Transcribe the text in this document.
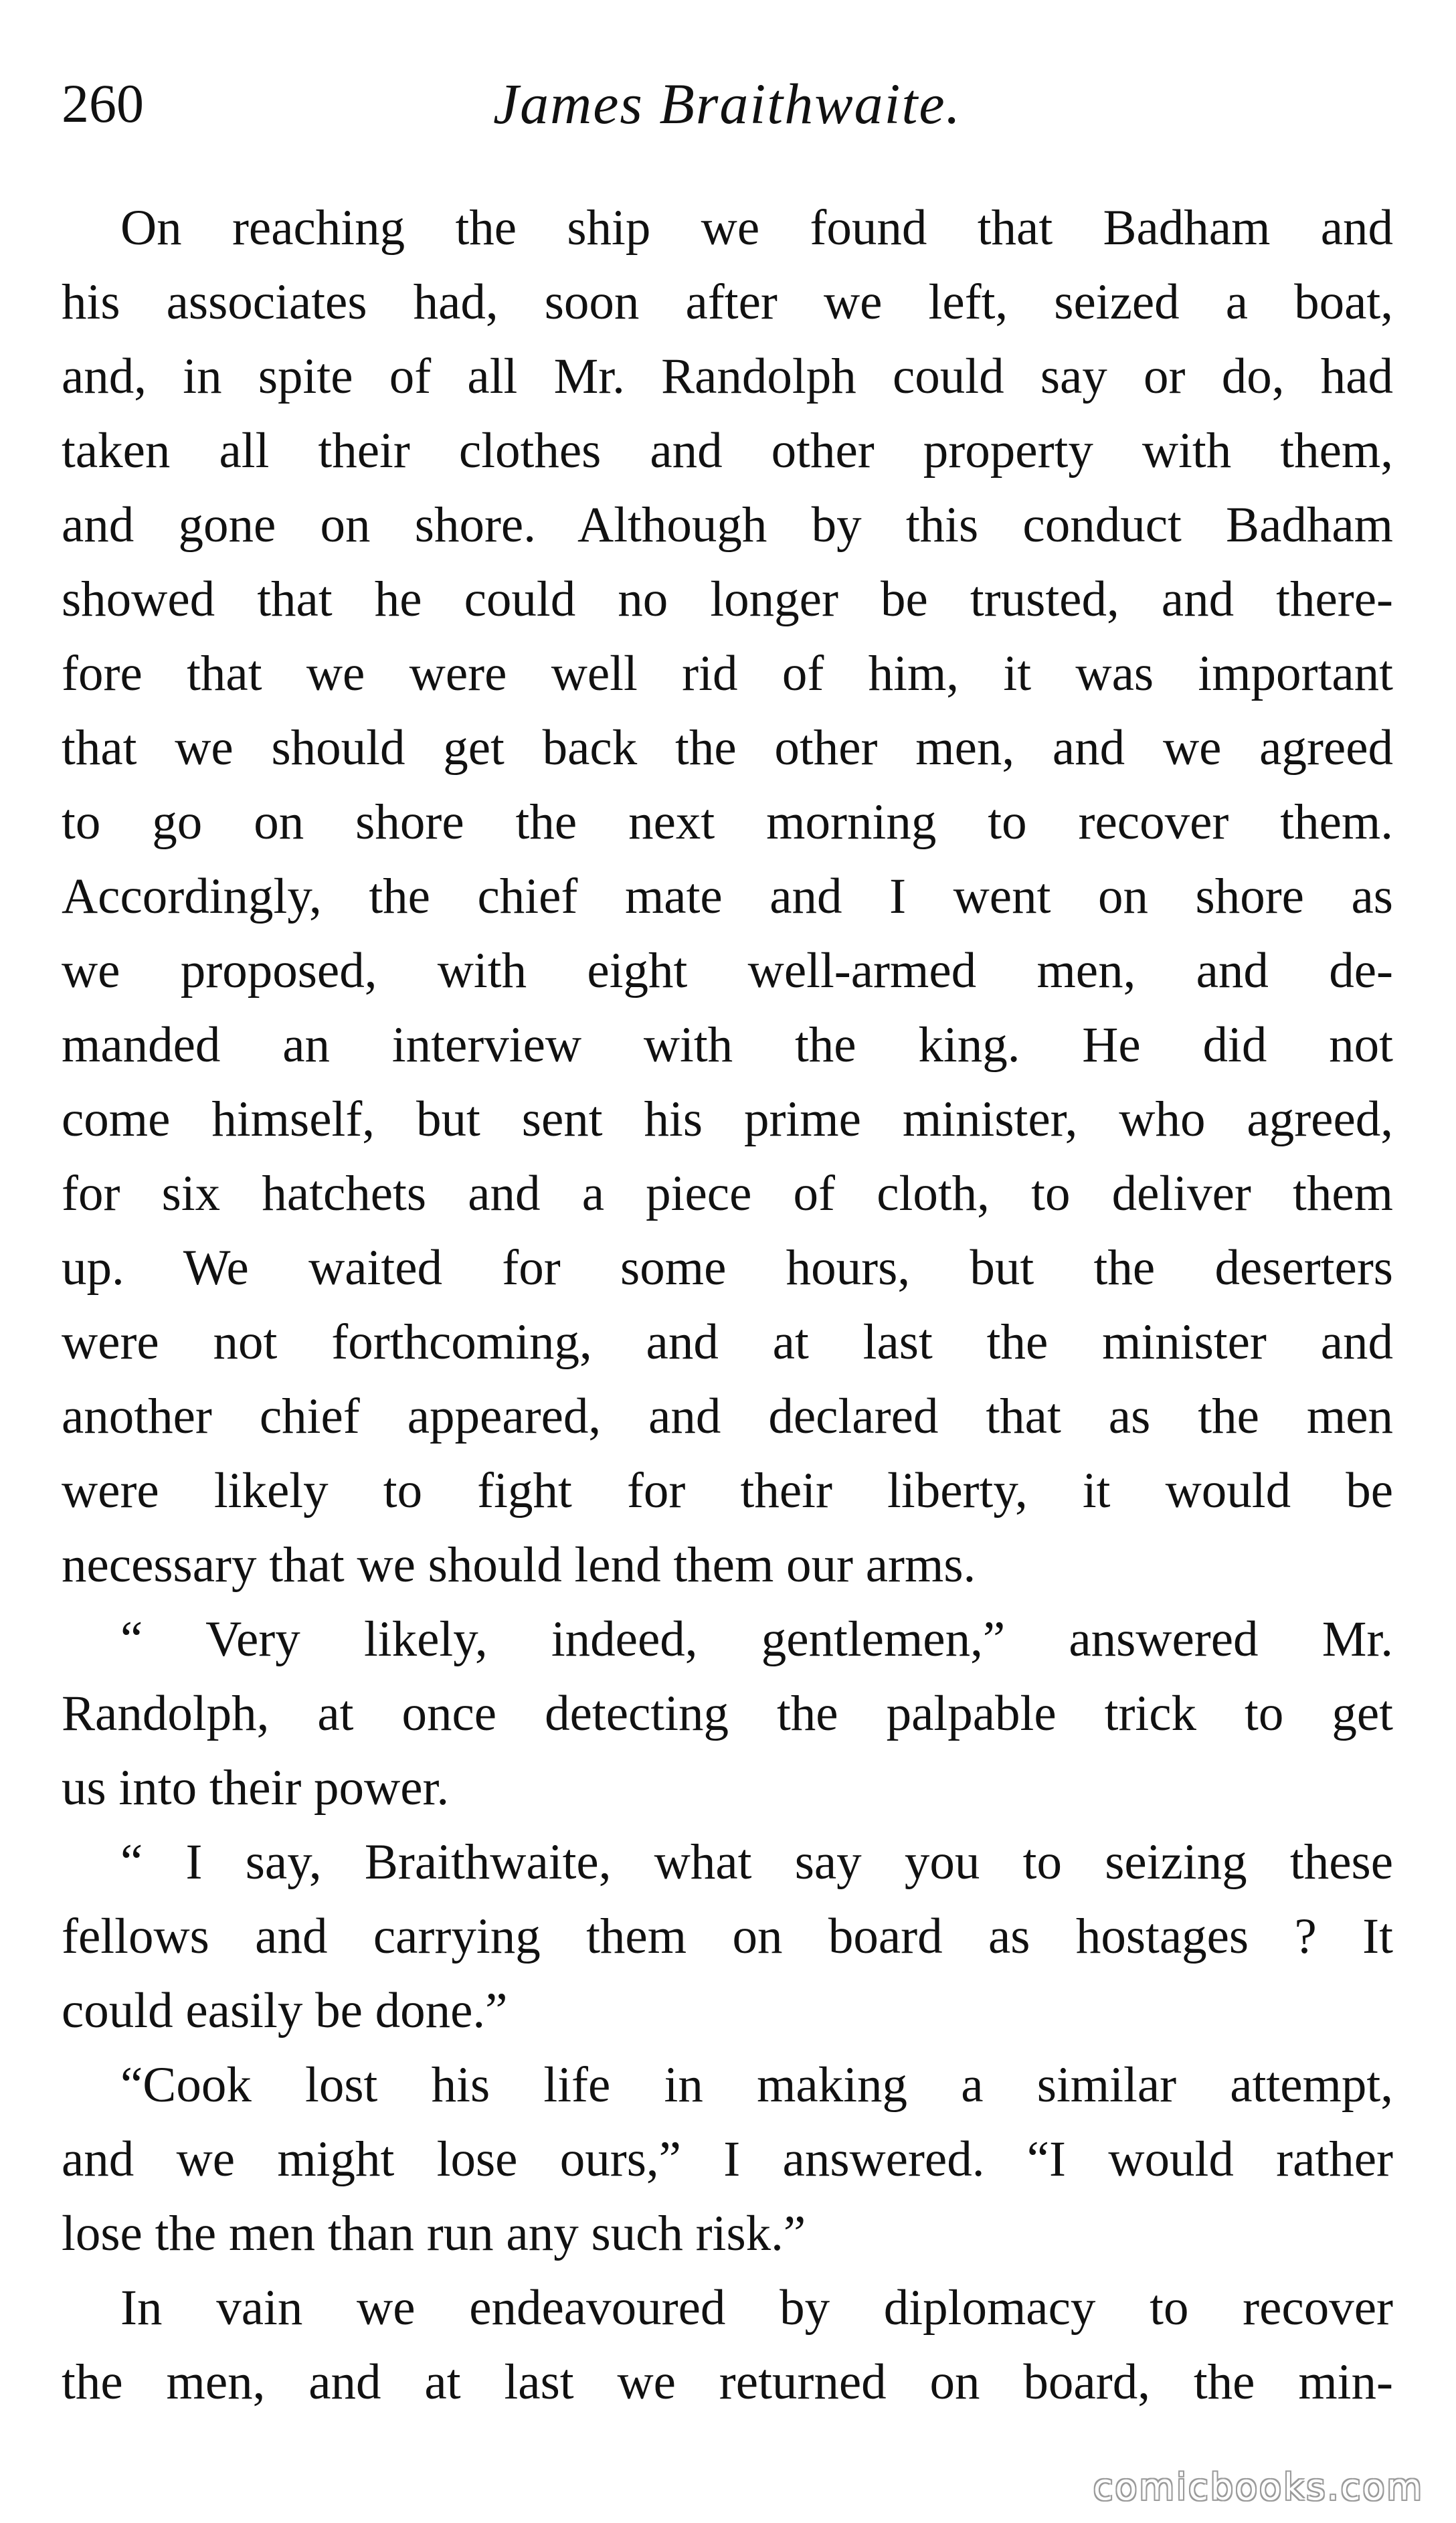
260	James Braithwaite.
On reaching the ship we found that Badham and
his associates had, soon after we left, seized a boat,
and, in spite of all Mr. Randolph could say or do, had
taken all their clothes and other property with them,
and gone on shore. Although by this conduct Badham
showed that he could no longer be trusted, and there-
fore that we were well rid of him, it was important
that we should get back the other men, and we agreed
to go on shore the next morning to recover them.
Accordingly, the chief mate and I went on shore as
we proposed, with eight well-armed men, and de-
manded an interview with the king. He did not
come himself, but sent his prime minister, who agreed,
for six hatchets and a piece of cloth, to deliver them
up. We waited for some hours, but the deserters
were not forthcoming, and at last the minister and
another chief appeared, and declared that as the men
were likely to fight for their liberty, it would be
necessary that we should lend them our arms.
“ Very likely, indeed, gentlemen,” answered Mr.
Randolph, at once detecting the palpable trick to get
us into their power.
“ I say, Braithwaite, what say you to seizing these
fellows and carrying them on board as hostages ? It
could easily be done.”
“Cook lost his life in making a similar attempt,
and we might lose ours,” I answered. “I would rather
lose the men than run any such risk.”
In vain we endeavoured by diplomacy to recover
the men, and at last we returned on board, the min-
comicbooks.com
